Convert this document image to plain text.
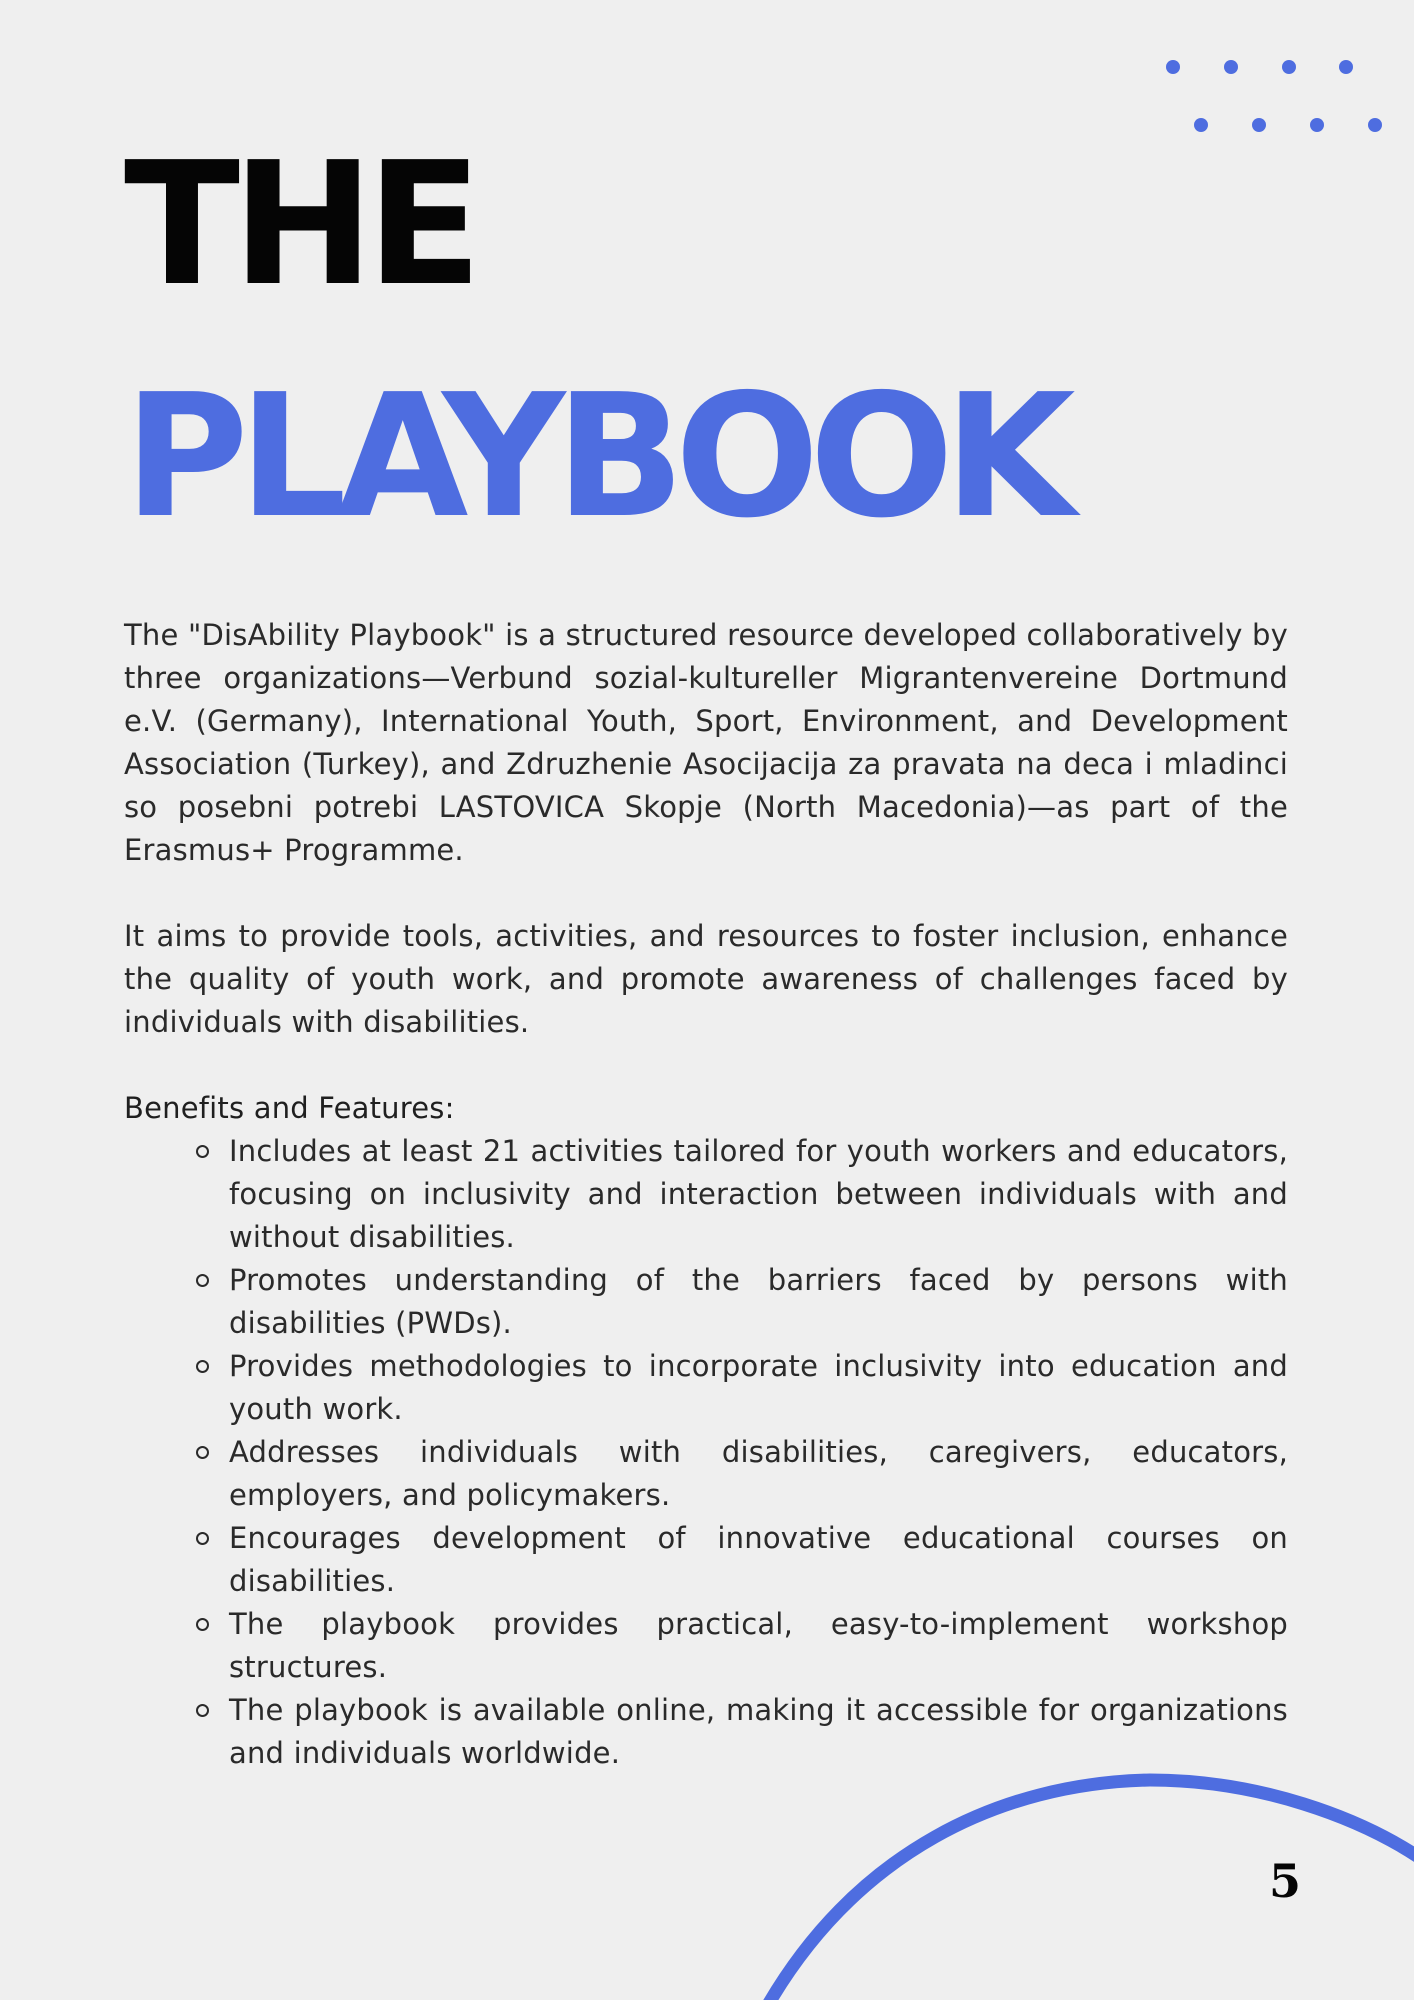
THE
PLAYBOOK

The "DisAbility Playbook" is a structured resource developed collaboratively by three organizations—Verbund sozial-kultureller Migrantenvereine Dortmund e.V. (Germany), International Youth, Sport, Environment, and Development Association (Turkey), and Zdruzhenie Asocijacija za pravata na deca i mladinci so posebni potrebi LASTOVICA Skopje (North Macedonia)—as part of the Erasmus+ Programme.

It aims to provide tools, activities, and resources to foster inclusion, enhance the quality of youth work, and promote awareness of challenges faced by individuals with disabilities.

Benefits and Features:
Includes at least 21 activities tailored for youth workers and educators, focusing on inclusivity and interaction between individuals with and without disabilities.
Promotes understanding of the barriers faced by persons with disabilities (PWDs).
Provides methodologies to incorporate inclusivity into education and youth work.
Addresses individuals with disabilities, caregivers, educators, employers, and policymakers.
Encourages development of innovative educational courses on disabilities.
The playbook provides practical, easy-to-implement workshop structures.
The playbook is available online, making it accessible for organizations and individuals worldwide.
5
